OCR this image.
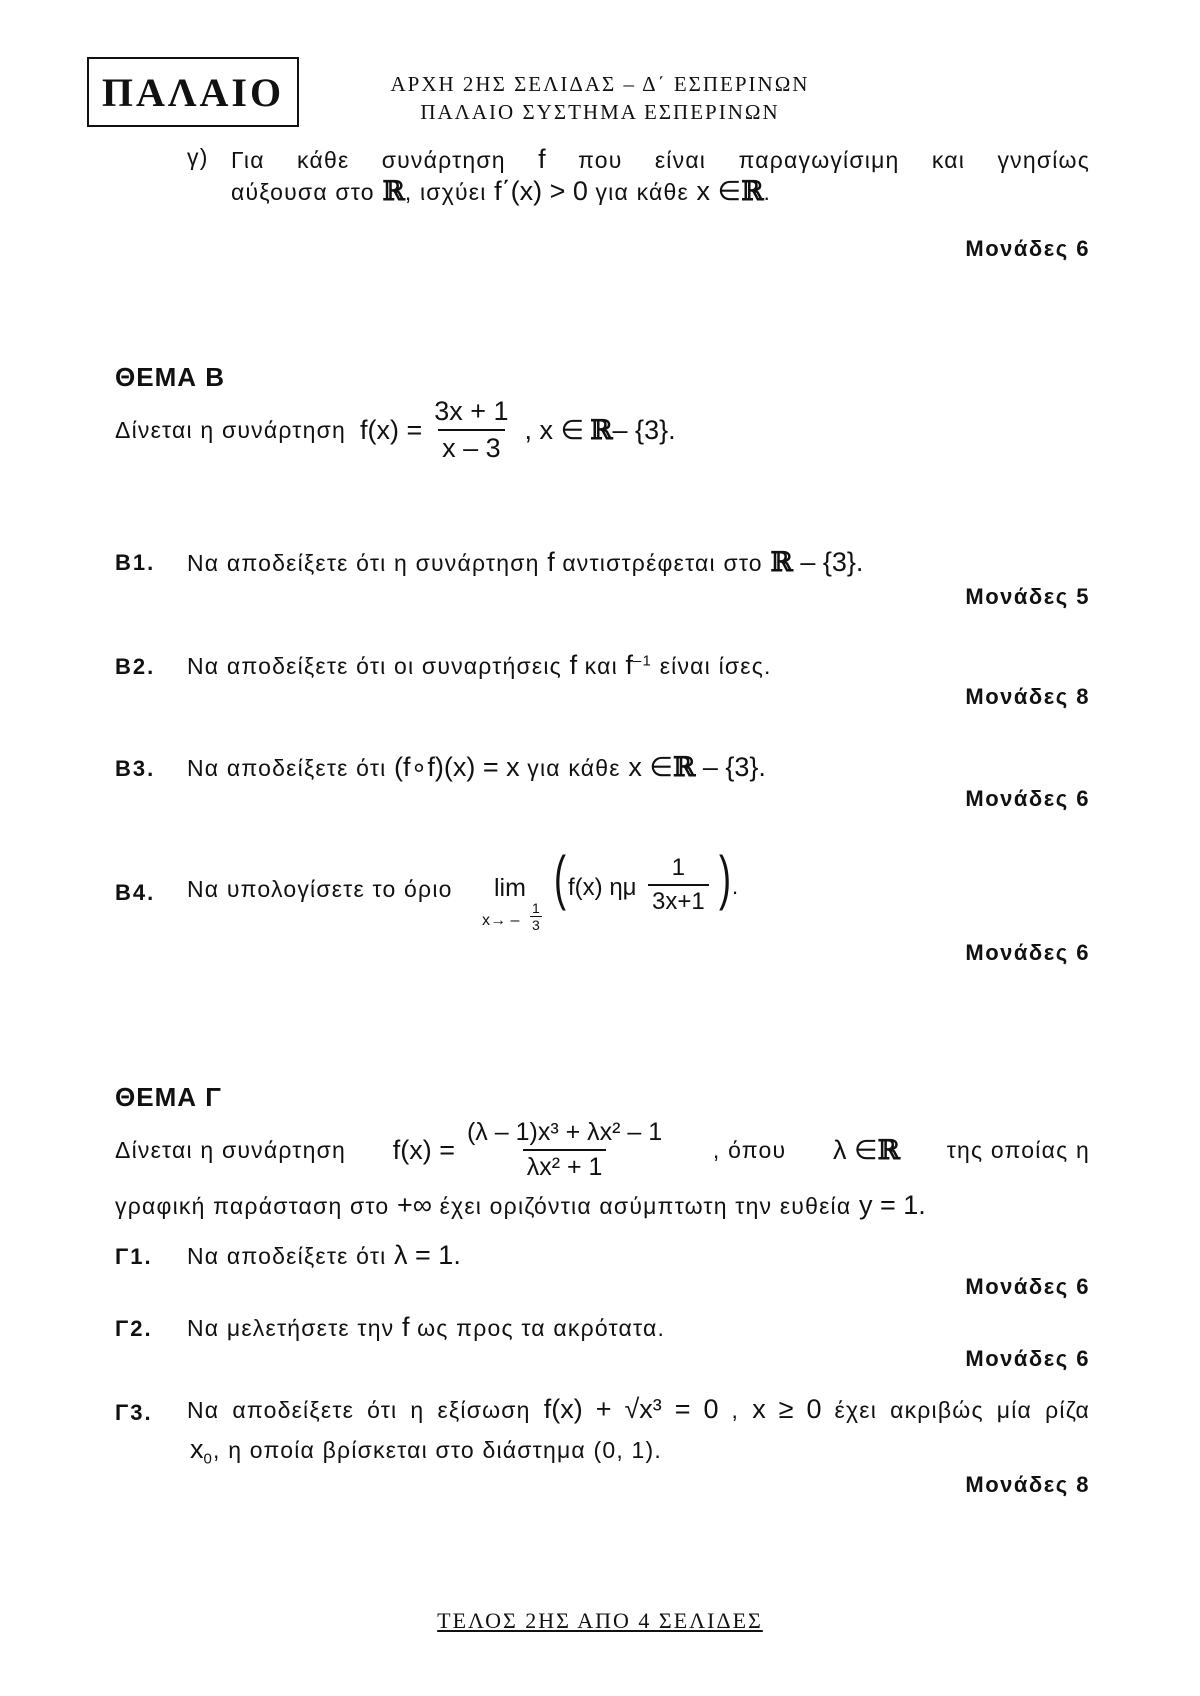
ΠΑΛΑΙΟ	ΑΡΧΗ 2ΗΣ ΣΕΛΙΔΑΣ – Δ΄ ΕΣΠΕΡΙΝΩΝ
ΠΑΛΑΙΟ ΣΥΣΤΗΜΑ ΕΣΠΕΡΙΝΩΝ
γ) Για κάθε συνάρτηση f που είναι παραγωγίσιμη και γνησίως
αύξουσα στο ℝ, ισχύει f΄(x) > 0 για κάθε x ∈ℝ.
Μονάδες 6
ΘΕΜΑ Β
Δίνεται η συνάρτηση $f(x) = \frac{3x + 1}{x - 3}$ , x ∈ ℝ – {3}.
Β1. Να αποδείξετε ότι η συνάρτηση f αντιστρέφεται στο ℝ – {3}.
Μονάδες 5
Β2. Να αποδείξετε ότι οι συναρτήσεις f και $f^{-1}$ είναι ίσες.
Μονάδες 8
Β3. Να αποδείξετε ότι (f∘f)(x) = x για κάθε x ∈ℝ – {3}.
Μονάδες 6
Β4. Να υπολογίσετε το όριο lim
$x\to - \frac{1}{3}$
( f(x) ημ $\frac{1}{3x+1}$ ) .
Μονάδες 6
ΘΕΜΑ Γ
Δίνεται η συνάρτηση $f(x) = \frac{\text{(λ – 1)x³ + λx² – 1}}{\text{λx² + 1}}$ , όπου λ ∈ℝ της οποίας η
γραφική παράσταση στο +∞ έχει οριζόντια ασύμπτωτη την ευθεία y = 1.
Γ1. Να αποδείξετε ότι λ = 1.
Μονάδες 6
Γ2. Να μελετήσετε την f ως προς τα ακρότατα.
Μονάδες 6
Γ3. Να αποδείξετε ότι η εξίσωση f(x) + √x³ = 0 , x ≥ 0 έχει ακριβώς μία ρίζα
$x_0$, η οποία βρίσκεται στο διάστημα (0, 1).
Μονάδες 8
ΤΕΛΟΣ 2ΗΣ ΑΠΟ 4 ΣΕΛΙΔΕΣ
